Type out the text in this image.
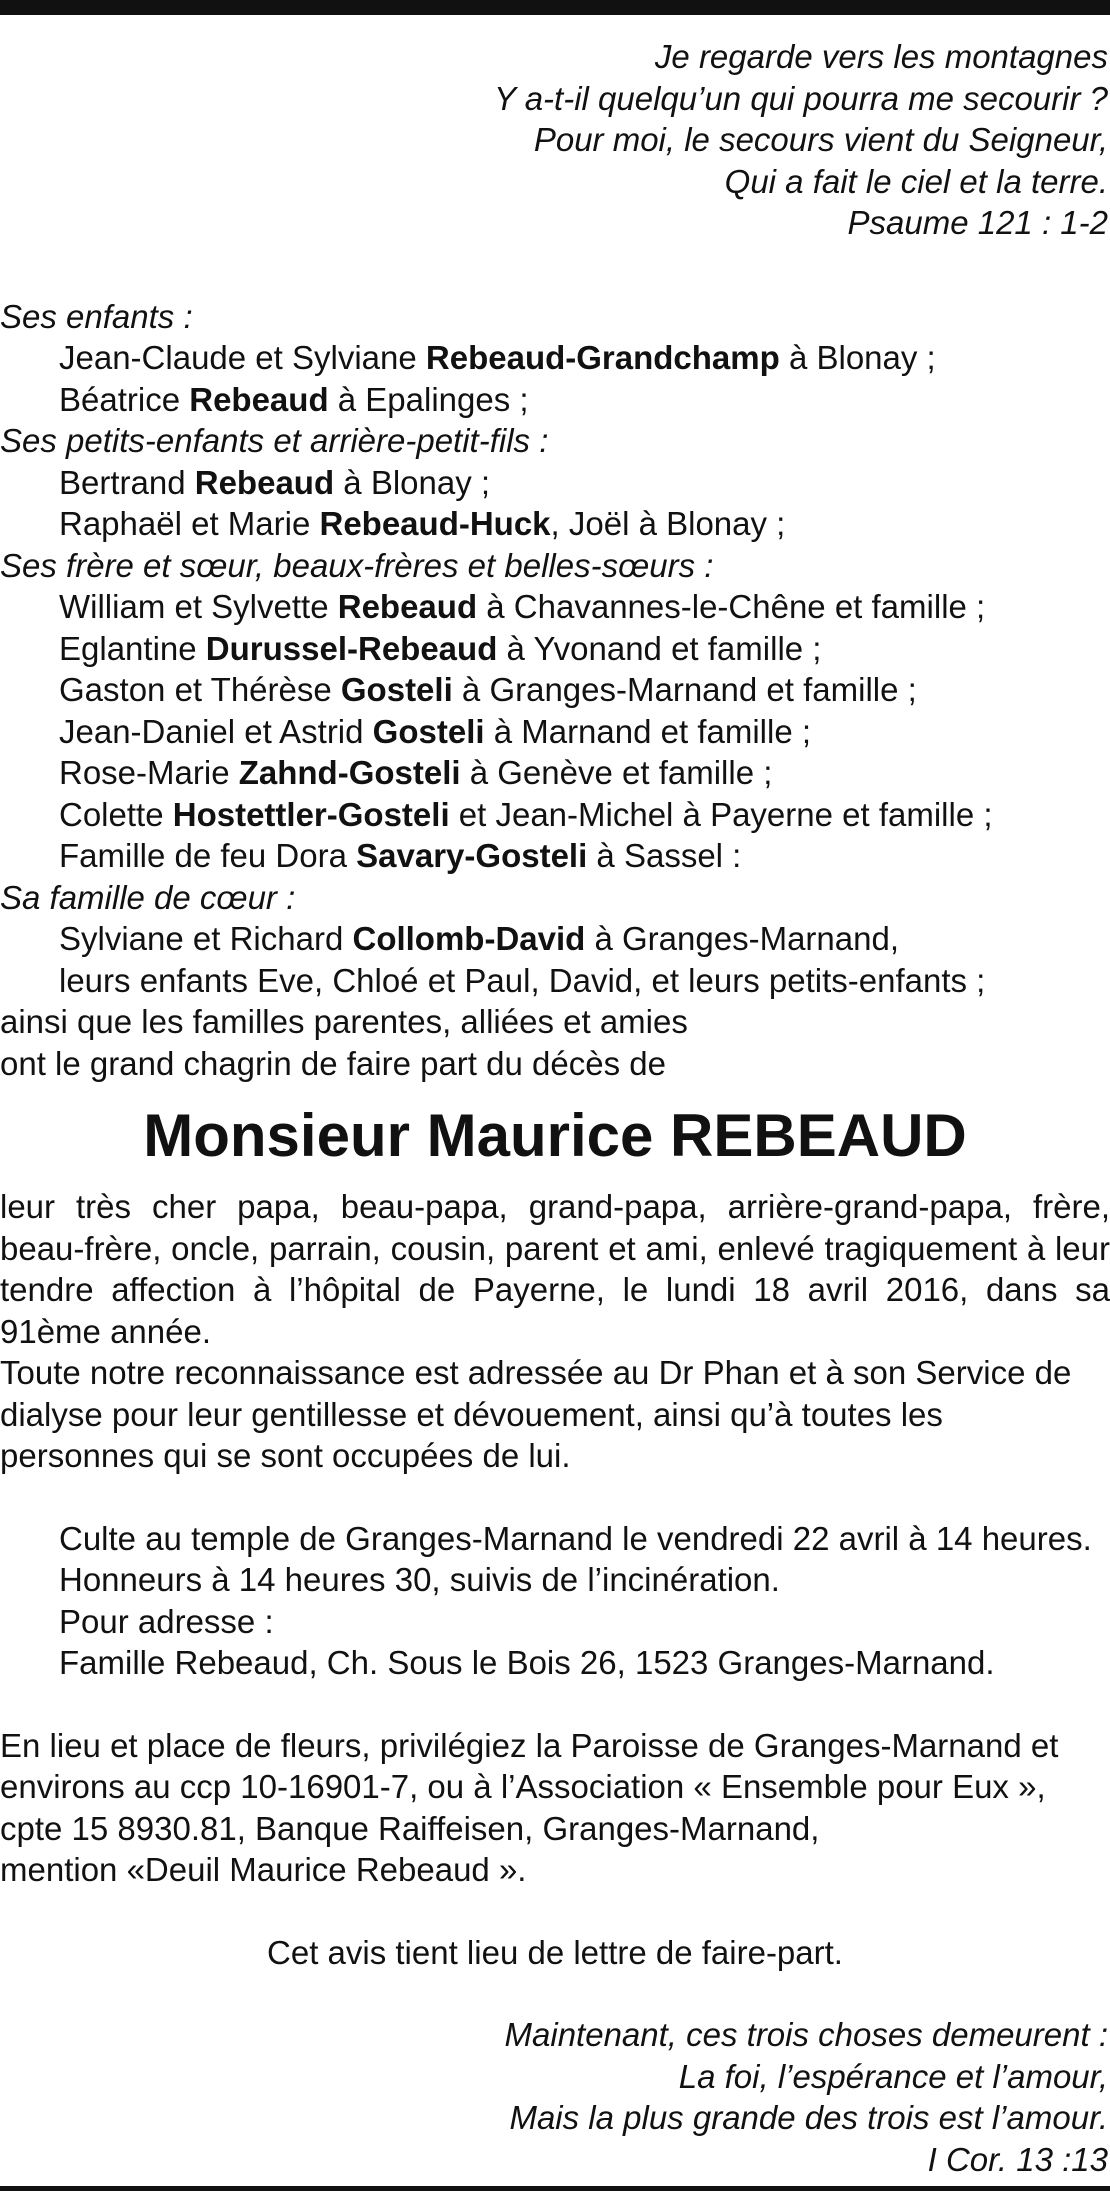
Je regarde vers les montagnes
Y a-t-il quelqu’un qui pourra me secourir ?
Pour moi, le secours vient du Seigneur,
Qui a fait le ciel et la terre.
Psaume 121 : 1-2
Ses enfants :
Jean-Claude et Sylviane Rebeaud-Grandchamp à Blonay ;
Béatrice Rebeaud à Epalinges ;
Ses petits-enfants et arrière-petit-fils :
Bertrand Rebeaud à Blonay ;
Raphaël et Marie Rebeaud-Huck, Joël à Blonay ;
Ses frère et sœur, beaux-frères et belles-sœurs :
William et Sylvette Rebeaud à Chavannes-le-Chêne et famille ;
Eglantine Durussel-Rebeaud à Yvonand et famille ;
Gaston et Thérèse Gosteli à Granges-Marnand et famille ;
Jean-Daniel et Astrid Gosteli à Marnand et famille ;
Rose-Marie Zahnd-Gosteli à Genève et famille ;
Colette Hostettler-Gosteli et Jean-Michel à Payerne et famille ;
Famille de feu Dora Savary-Gosteli à Sassel :
Sa famille de cœur :
Sylviane et Richard Collomb-David à Granges-Marnand,
leurs enfants Eve, Chloé et Paul, David, et leurs petits-enfants ;
ainsi que les familles parentes, alliées et amies
ont le grand chagrin de faire part du décès de
Monsieur Maurice REBEAUD

leur très cher papa, beau-papa, grand-papa, arrière-grand-papa, frère, beau-frère, oncle, parrain, cousin, parent et ami, enlevé tragiquement à leur tendre affection à l’hôpital de Payerne, le lundi 18 avril 2016, dans sa 91ème année.

Toute notre reconnaissance est adressée au Dr Phan et à son Service de
dialyse pour leur gentillesse et dévouement, ainsi qu’à toutes les
personnes qui se sont occupées de lui.
Culte au temple de Granges-Marnand le vendredi 22 avril à 14 heures.
Honneurs à 14 heures 30, suivis de l’incinération.
Pour adresse :
Famille Rebeaud, Ch. Sous le Bois 26, 1523 Granges-Marnand.
En lieu et place de fleurs, privilégiez la Paroisse de Granges-Marnand et
environs au ccp 10-16901-7, ou à l’Association « Ensemble pour Eux »,
cpte 15 8930.81, Banque Raiffeisen, Granges-Marnand,
mention «Deuil Maurice Rebeaud ».
Cet avis tient lieu de lettre de faire-part.
Maintenant, ces trois choses demeurent :
La foi, l’espérance et l’amour,
Mais la plus grande des trois est l’amour.
I Cor. 13 :13
